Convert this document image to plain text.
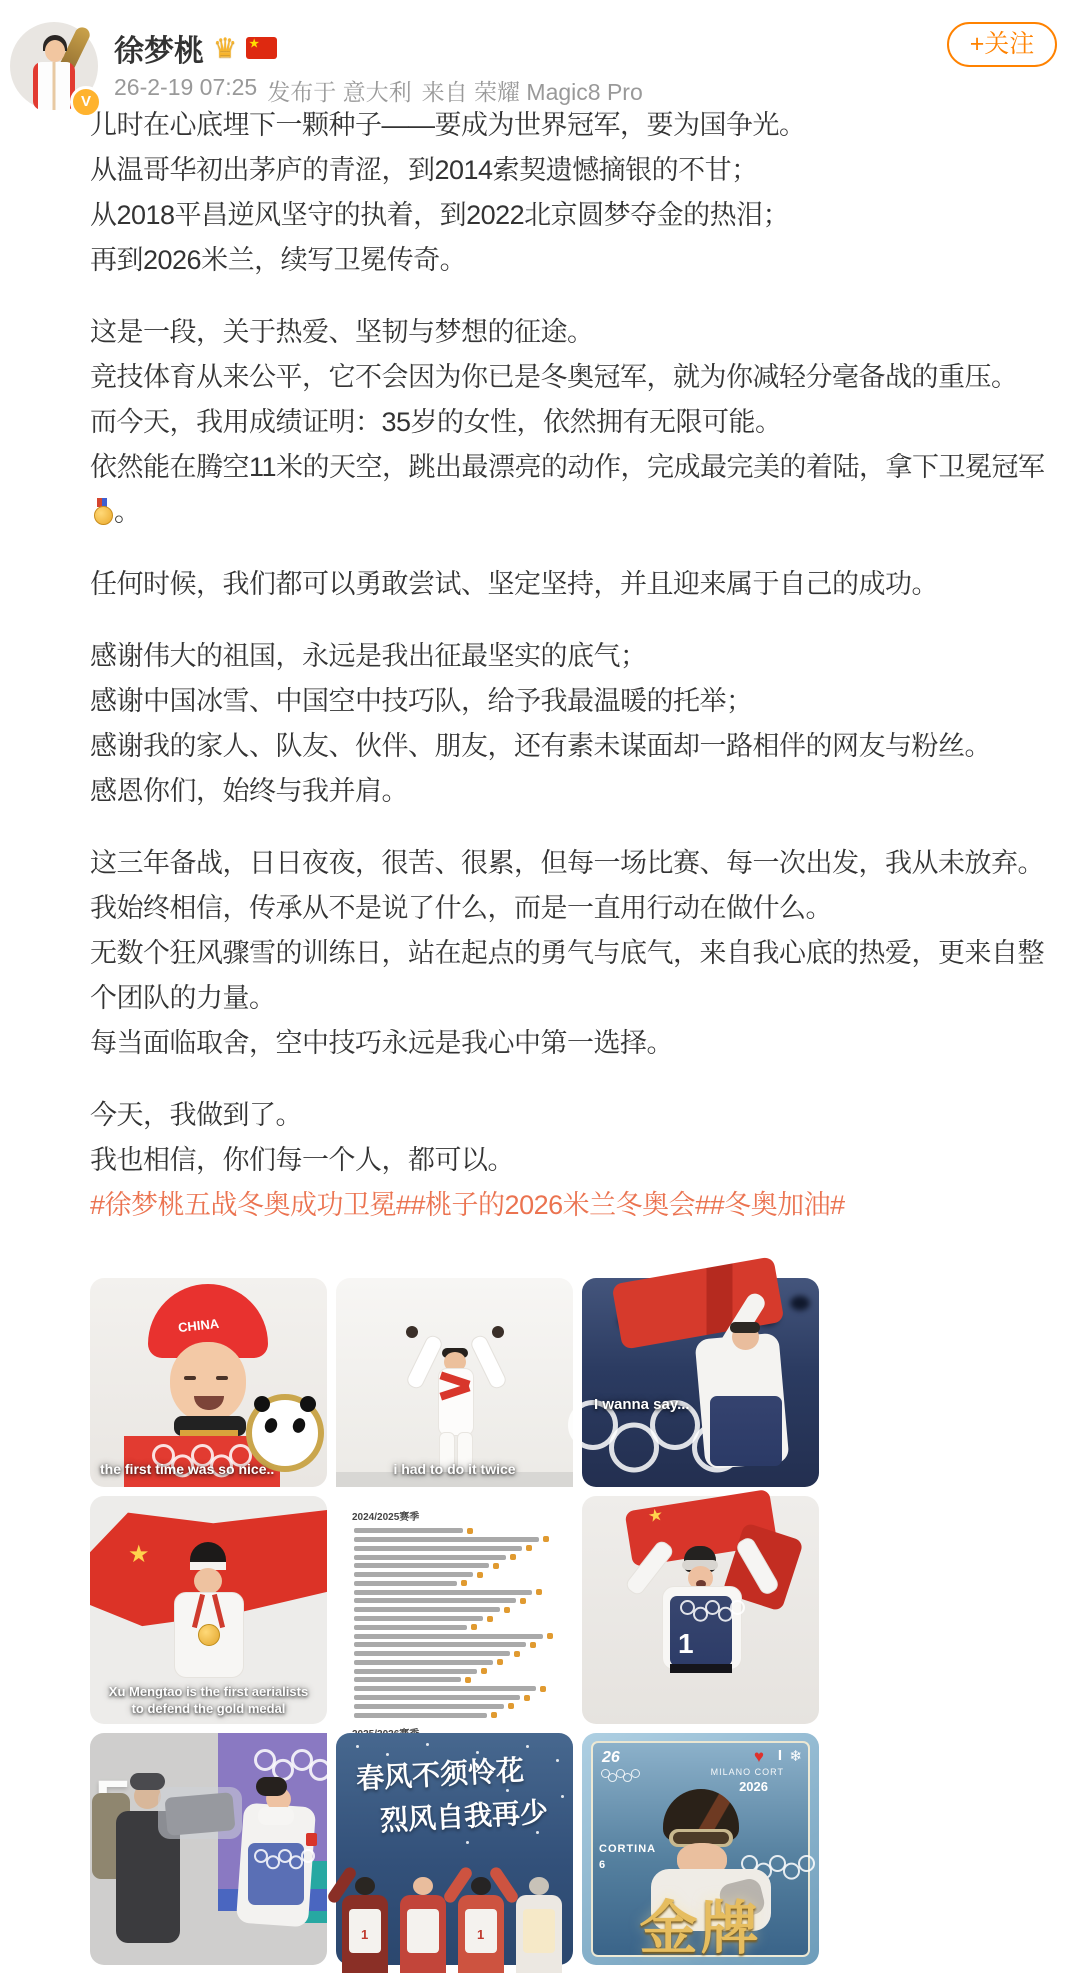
V
徐梦桃 ♛ ★
26-2-19 07:25 发布于 意大利 来自 荣耀 Magic8 Pro
+关注
儿时在心底埋下一颗种子——要成为世界冠军，要为国争光。
从温哥华初出茅庐的青涩，到2014索契遗憾摘银的不甘；
从2018平昌逆风坚守的执着，到2022北京圆梦夺金的热泪；
再到2026米兰，续写卫冕传奇。
这是一段，关于热爱、坚韧与梦想的征途。
竞技体育从来公平，它不会因为你已是冬奥冠军，就为你减轻分毫备战的重压。
而今天，我用成绩证明：35岁的女性，依然拥有无限可能。
依然能在腾空11米的天空，跳出最漂亮的动作，完成最完美的着陆，拿下卫冕冠军
。
任何时候，我们都可以勇敢尝试、坚定坚持，并且迎来属于自己的成功。
感谢伟大的祖国，永远是我出征最坚实的底气；
感谢中国冰雪、中国空中技巧队，给予我最温暖的托举；
感谢我的家人、队友、伙伴、朋友，还有素未谋面却一路相伴的网友与粉丝。
感恩你们，始终与我并肩。
这三年备战，日日夜夜，很苦、很累，但每一场比赛、每一次出发，我从未放弃。
我始终相信，传承从不是说了什么，而是一直用行动在做什么。
无数个狂风骤雪的训练日，站在起点的勇气与底气，来自我心底的热爱，更来自整个团队的力量。
每当面临取舍，空中技巧永远是我心中第一选择。
今天，我做到了。
我也相信，你们每一个人，都可以。
#徐梦桃五战冬奥成功卫冕##桃子的2026米兰冬奥会##冬奥加油#
CHINA
the first time was so nice..	i had to do it twice
I wanna say...
★
Xu Mengtao is the first aerialists
to defend the gold medal
2024/2025赛季	★
1
春风不须怜花
烈风自我再少
1	1
26	♥ I ❄
MILANO CORT
2026
CORTINA
6
金牌
